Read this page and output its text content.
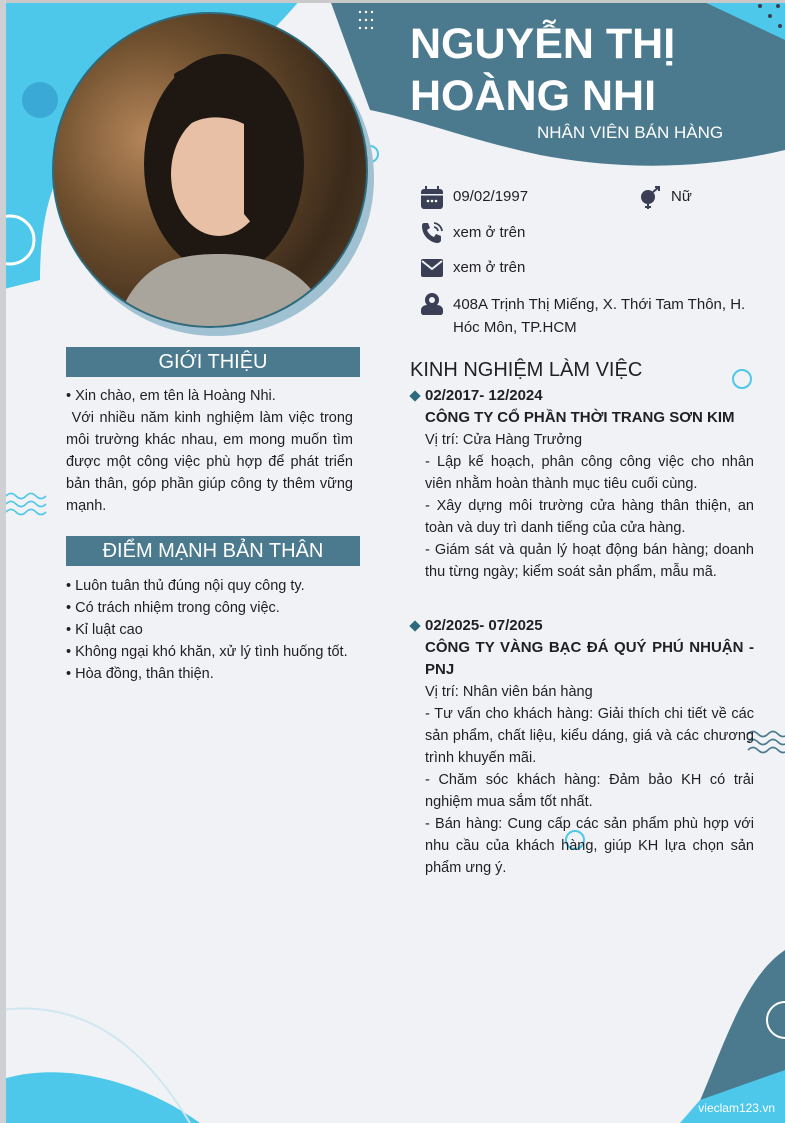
NGUYỄN THỊ
HOÀNG NHI
NHÂN VIÊN BÁN HÀNG
09/02/1997	Nữ
xem ở trên
xem ở trên
408A Trịnh Thị Miếng, X. Thới Tam Thôn, H.
Hóc Môn, TP.HCM
GIỚI THIỆU

• Xin chào, em tên là Hoàng Nhi.

Với nhiều năm kinh nghiệm làm việc trong môi trường khác nhau, em mong muốn tìm được một công việc phù hợp để phát triển bản thân, góp phần giúp công ty thêm vững mạnh.

ĐIỂM MẠNH BẢN THÂN

• Luôn tuân thủ đúng nội quy công ty.

• Có trách nhiệm trong công việc.

• Kỉ luật cao

• Không ngại khó khăn, xử lý tình huống tốt.

• Hòa đồng, thân thiện.

KINH NGHIỆM LÀM VIỆC

02/2017- 12/2024

CÔNG TY CỔ PHẦN THỜI TRANG SƠN KIM

Vị trí: Cửa Hàng Trưởng

- Lập kế hoạch, phân công công việc cho nhân viên nhằm hoàn thành mục tiêu cuối cùng.

- Xây dựng môi trường cửa hàng thân thiện, an toàn và duy trì danh tiếng của cửa hàng.

- Giám sát và quản lý hoạt động bán hàng; doanh thu từng ngày; kiểm soát sản phẩm, mẫu mã.

02/2025- 07/2025

CÔNG TY VÀNG BẠC ĐÁ QUÝ PHÚ NHUẬN - PNJ

Vị trí: Nhân viên bán hàng

- Tư vấn cho khách hàng: Giải thích chi tiết về các sản phẩm, chất liệu, kiểu dáng, giá và các chương trình khuyến mãi.

- Chăm sóc khách hàng: Đảm bảo KH có trải nghiệm mua sắm tốt nhất.

- Bán hàng: Cung cấp các sản phẩm phù hợp với nhu cầu của khách hàng, giúp KH lựa chọn sản phẩm ưng ý.

vieclam123.vn
